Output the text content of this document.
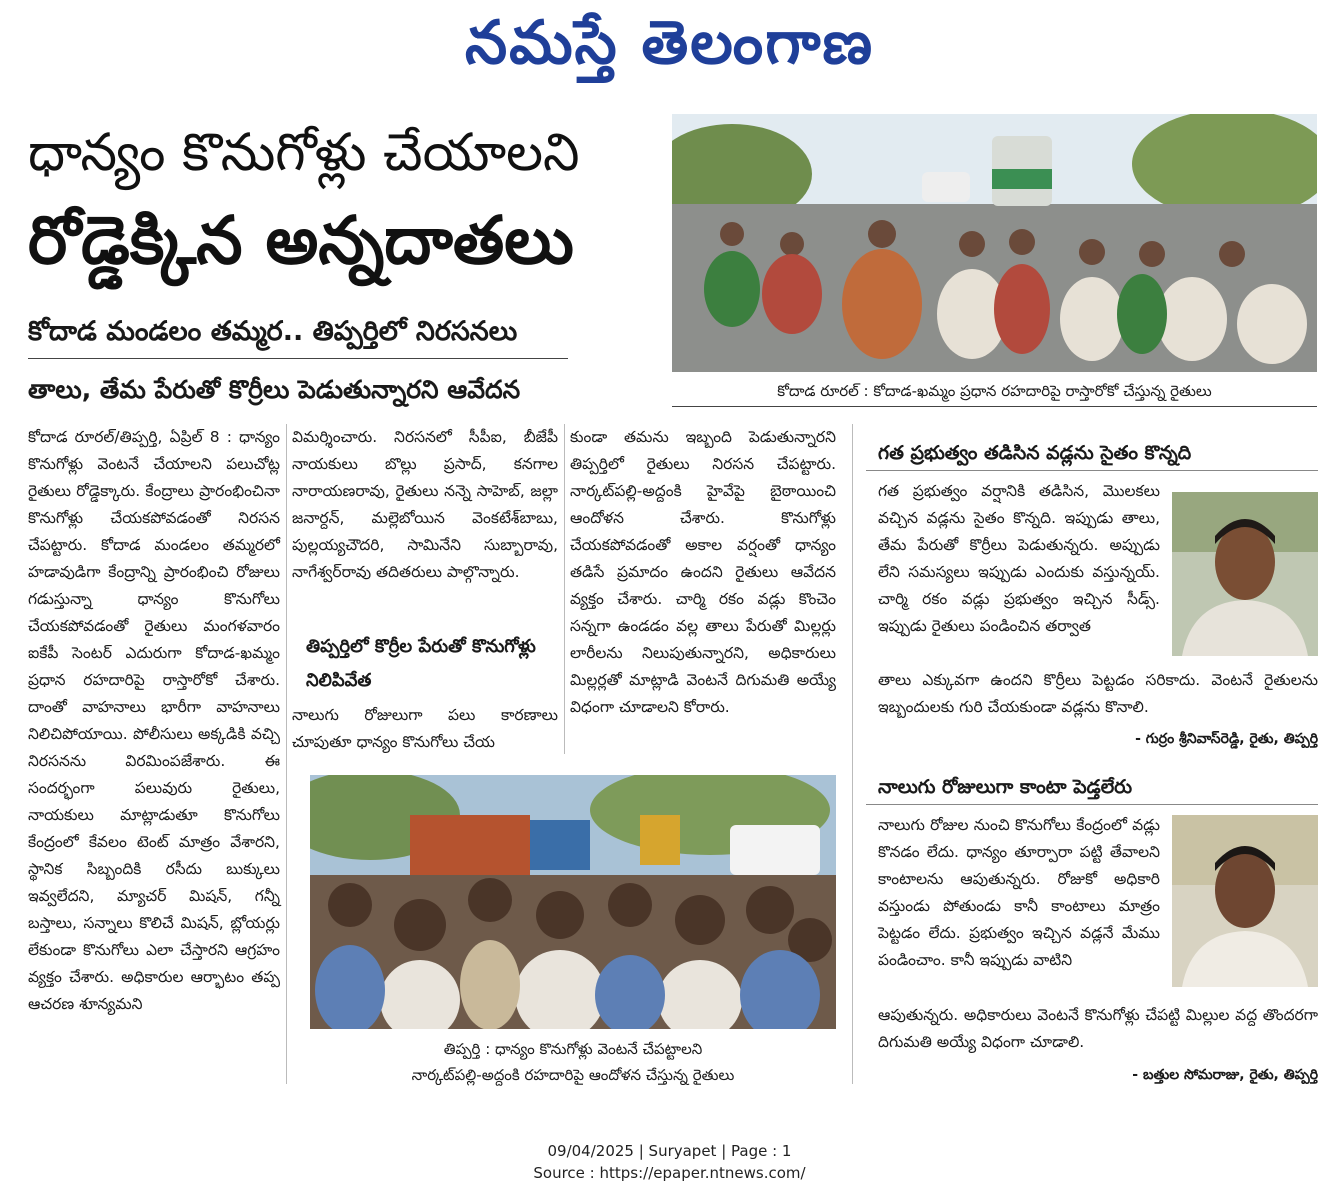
నమస్తే తెలంగాణ
ధాన్యం కొనుగోళ్లు చేయాలని
రోడ్డెక్కిన అన్నదాతలు
కోదాడ మండలం తమ్మర.. తిప్పర్తిలో నిరసనలు
తాలు, తేమ పేరుతో కొర్రీలు పెడుతున్నారని ఆవేదన	కోదాడ రూరల్ : కోదాడ-ఖమ్మం ప్రధాన రహదారిపై రాస్తారోకో చేస్తున్న రైతులు

కోదాడ రూరల్/తిప్పర్తి, ఏప్రిల్ 8 : ధాన్యం కొనుగోళ్లు వెంటనే చేయాలని పలుచోట్ల రైతులు రోడ్డెక్కారు. కేంద్రాలు ప్రారంభించినా కొనుగోళ్లు చేయకపోవడంతో నిరసన చేపట్టారు. కోదాడ మండలం తమ్మరలో హడావుడిగా కేంద్రాన్ని ప్రారంభించి రోజులు గడుస్తున్నా ధాన్యం కొనుగోలు చేయకపోవడంతో రైతులు మంగళవారం ఐకేపీ సెంటర్ ఎదురుగా కోదాడ-ఖమ్మం ప్రధాన రహదారిపై రాస్తారోకో చేశారు. దాంతో వాహనాలు భారీగా వాహనాలు నిలిచిపోయాయి. పోలీసులు అక్కడికి వచ్చి నిరసనను విరమింపజేశారు. ఈ సందర్భంగా పలువురు రైతులు, నాయకులు మాట్లాడుతూ కొనుగోలు కేంద్రంలో కేవలం టెంట్ మాత్రం వేశారని, స్థానిక సిబ్బందికి రసీదు బుక్కులు ఇవ్వలేదని, మ్యాచర్ మిషన్, గన్నీ బస్తాలు, సన్నాలు కొలిచే మిషన్, బ్లోయర్లు లేకుండా కొనుగోలు ఎలా చేస్తారని ఆగ్రహం వ్యక్తం చేశారు. అధికారుల ఆర్భాటం తప్ప ఆచరణ శూన్యమని

విమర్శించారు. నిరసనలో సీపీఐ, బీజేపీ నాయకులు బొల్లు ప్రసాద్, కనగాల నారాయణరావు, రైతులు నన్నె సాహెబ్, జల్లా జనార్దన్, మల్లెబోయిన వెంకటేశ్‌బాబు, పుల్లయ్యచౌదరి, సామినేని సుబ్బారావు, నాగేశ్వర్‌రావు తదితరులు పాల్గొన్నారు.

తిప్పర్తిలో కొర్రీల పేరుతో కొనుగోళ్లు నిలిపివేత

నాలుగు రోజులుగా పలు కారణాలు చూపుతూ ధాన్యం కొనుగోలు చేయ

కుండా తమను ఇబ్బంది పెడుతున్నారని తిప్పర్తిలో రైతులు నిరసన చేపట్టారు. నార్కట్‌పల్లి-అద్దంకి హైవేపై బైఠాయించి ఆందోళన చేశారు. కొనుగోళ్లు చేయకపోవడంతో అకాల వర్షంతో ధాన్యం తడిసే ప్రమాదం ఉందని రైతులు ఆవేదన వ్యక్తం చేశారు. చార్మి రకం వడ్లు కొంచెం సన్నగా ఉండడం వల్ల తాలు పేరుతో మిల్లర్లు లారీలను నిలుపుతున్నారని, అధికారులు మిల్లర్లతో మాట్లాడి వెంటనే దిగుమతి అయ్యే విధంగా చూడాలని కోరారు.

తిప్పర్తి : ధాన్యం కొనుగోళ్లు వెంటనే చేపట్టాలని
నార్కట్‌పల్లి-అద్దంకి రహదారిపై ఆందోళన చేస్తున్న రైతులు
గత ప్రభుత్వం తడిసిన వడ్లను సైతం కొన్నది
గత ప్రభుత్వం వర్షానికి తడిసిన, మొలకలు వచ్చిన వడ్లను సైతం కొన్నది. ఇప్పుడు తాలు, తేమ పేరుతో కొర్రీలు పెడుతున్నరు. అప్పుడు లేని సమస్యలు ఇప్పుడు ఎందుకు వస్తున్నయ్. చార్మి రకం వడ్లు ప్రభుత్వం ఇచ్చిన సీడ్స్. ఇప్పుడు రైతులు పండించిన తర్వాత
తాలు ఎక్కువగా ఉందని కొర్రీలు పెట్టడం సరికాదు. వెంటనే రైతులను ఇబ్బందులకు గురి చేయకుండా వడ్లను కొనాలి.
- గుర్రం శ్రీనివాస్‌రెడ్డి, రైతు, తిప్పర్తి
నాలుగు రోజులుగా కాంటా పెడ్తలేరు
నాలుగు రోజుల నుంచి కొనుగోలు కేంద్రంలో వడ్లు కొనడం లేదు. ధాన్యం తూర్పారా పట్టి తేవాలని కాంటాలను ఆపుతున్నరు. రోజుకో అధికారి వస్తుండు పోతుండు కానీ కాంటాలు మాత్రం పెట్టడం లేదు. ప్రభుత్వం ఇచ్చిన వడ్లనే మేము పండించాం. కానీ ఇప్పుడు వాటిని
ఆపుతున్నరు. అధికారులు వెంటనే కొనుగోళ్లు చేపట్టి మిల్లుల వద్ద తొందరగా దిగుమతి అయ్యే విధంగా చూడాలి.
- బత్తుల సోమరాజు, రైతు, తిప్పర్తి
09/04/2025 | Suryapet | Page : 1
Source : https://epaper.ntnews.com/
